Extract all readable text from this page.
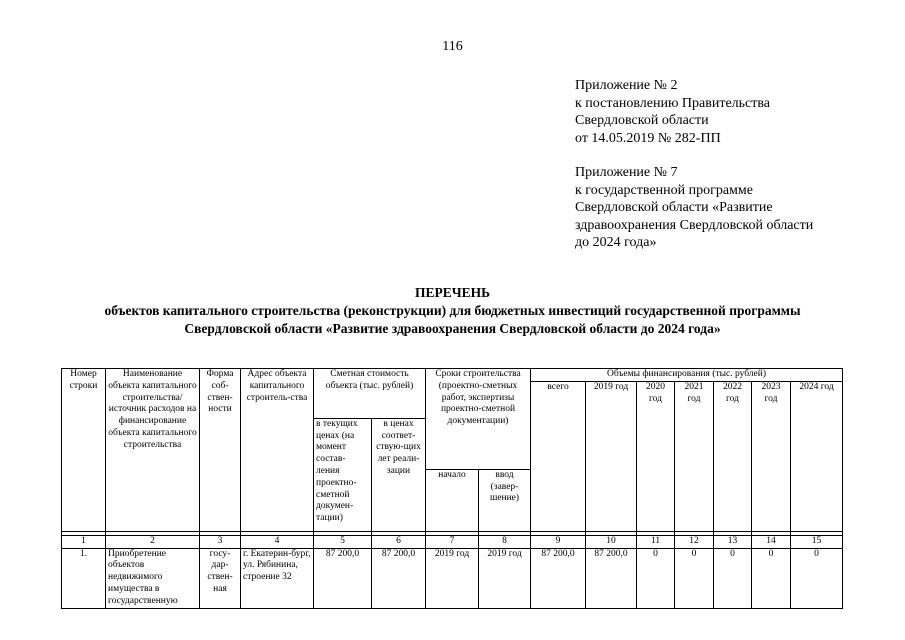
116
Приложение № 2
к постановлению Правительства
Свердловской области
от 14.05.2019 № 282-ПП
Приложение № 7
к государственной программе
Свердловской области «Развитие
здравоохранения Свердловской области
до 2024 года»
ПЕРЕЧЕНЬ
объектов капитального строительства (реконструкции) для бюджетных инвестиций государственной программы
Свердловской области «Развитие здравоохранения Свердловской области до 2024 года»
Номер строки	Наименование объекта капитального строительства/ источник расходов на финансирование объекта капитального строительства	Форма соб-ствен-ности	Адрес объекта капитального строитель-ства	Сметная стоимость объекта (тыс. рублей)		Сроки строительства (проектно-сметных работ, экспертизы проектно-сметной документации)		Объемы финансирования (тыс. рублей)						
								всего	2019 год	2020 год	2021 год	2022 год	2023 год	2024 год
				в текущих ценах (на момент состав-ления проектно-сметной докумен-тации)	в ценах соответ-ствую-щих лет реали-зации									
						начало	ввод (завер-шение)							

1	2	3	4	5	6	7	8	9	10	11	12	13	14	15
1.	Приобретение объектов недвижимого имущества в государственную	госу-дар-ствен-ная	г. Екатерин-бург, ул. Рябинина, строение 32	87 200,0	87 200,0	2019 год	2019 год	87 200,0	87 200,0	0	0	0	0	0
